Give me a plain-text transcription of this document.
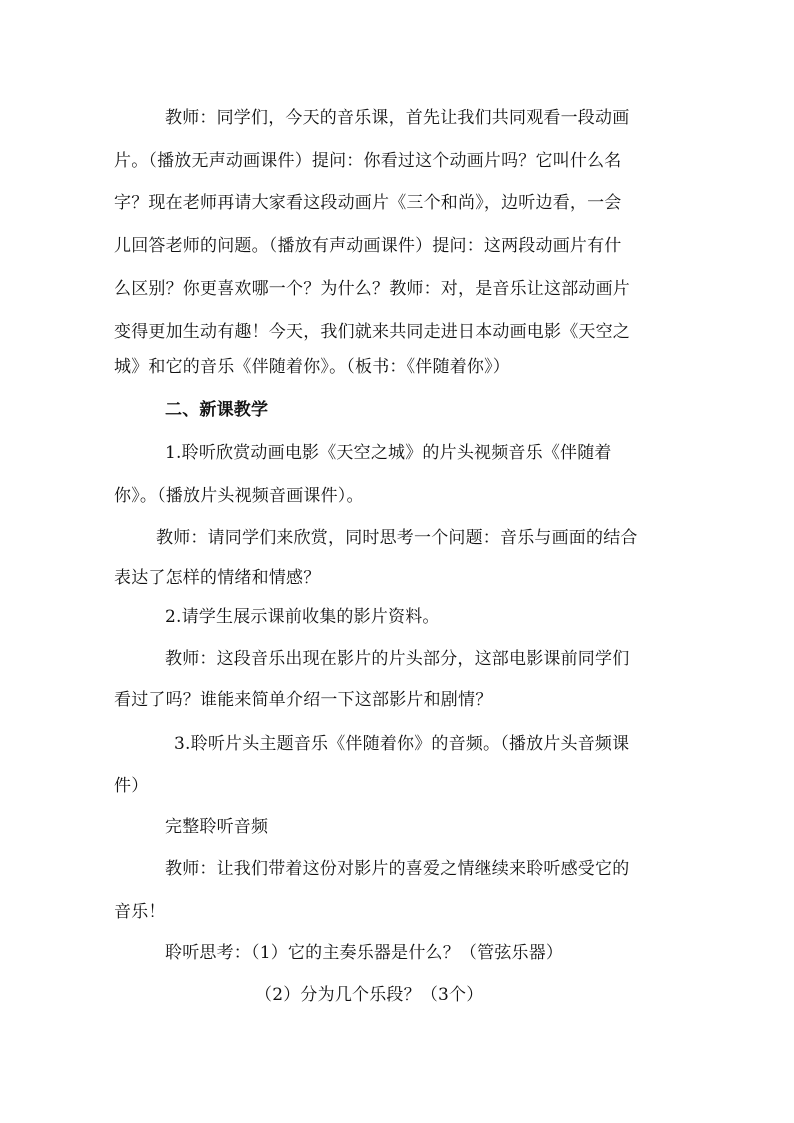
教师：同学们，今天的音乐课，首先让我们共同观看一段动画
片。（播放无声动画课件）提问：你看过这个动画片吗？它叫什么名
字？现在老师再请大家看这段动画片《三个和尚》，边听边看，一会
儿回答老师的问题。（播放有声动画课件）提问：这两段动画片有什
么区别？你更喜欢哪一个？为什么？教师：对，是音乐让这部动画片
变得更加生动有趣！今天，我们就来共同走进日本动画电影《天空之
城》和它的音乐《伴随着你》。（板书：《伴随着你》）
二、新课教学
1.聆听欣赏动画电影《天空之城》的片头视频音乐《伴随着
你》。（播放片头视频音画课件）。
教师：请同学们来欣赏，同时思考一个问题：音乐与画面的结合
表达了怎样的情绪和情感？
2.请学生展示课前收集的影片资料。
教师：这段音乐出现在影片的片头部分，这部电影课前同学们
看过了吗？谁能来简单介绍一下这部影片和剧情？
3.聆听片头主题音乐《伴随着你》的音频。（播放片头音频课
件）
完整聆听音频
教师：让我们带着这份对影片的喜爱之情继续来聆听感受它的
音乐！
聆听思考：（1）它的主奏乐器是什么？（管弦乐器）
（2）分为几个乐段？（3个）
